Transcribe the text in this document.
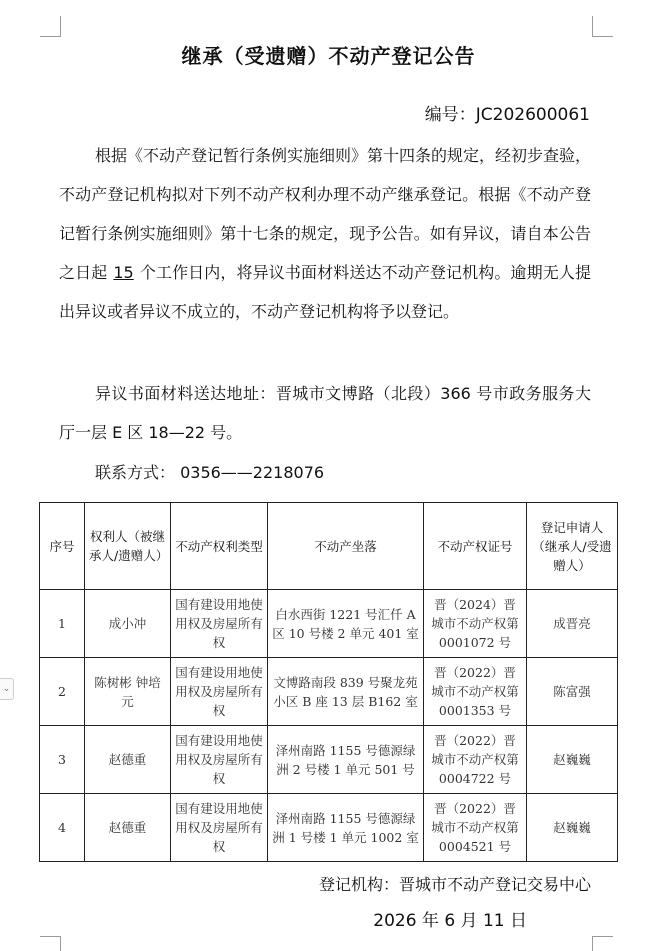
⌄
继承（受遗赠）不动产登记公告
编号：JC202600061

根据《不动产登记暂行条例实施细则》第十四条的规定，经初步查验，不动产登记机构拟对下列不动产权利办理不动产继承登记。根据《不动产登记暂行条例实施细则》第十七条的规定，现予公告。如有异议，请自本公告之日起 15 个工作日内，将异议书面材料送达不动产登记机构。逾期无人提出异议或者异议不成立的，不动产登记机构将予以登记。

异议书面材料送达地址：晋城市文博路（北段）366 号市政务服务大厅一层 E 区 18—22 号。

联系方式： 0356——2218076

序号	权利人（被继承人/遗赠人）	不动产权利类型	不动产坐落	不动产权证号	登记申请人（继承人/受遗赠人）
1	成小冲	国有建设用地使用权及房屋所有权	白水西街 1221 号汇仟 A 区 10 号楼 2 单元 401 室	晋（2024）晋城市不动产权第 0001072 号	成晋亮
2	陈树彬 钟培元	国有建设用地使用权及房屋所有权	文博路南段 839 号聚龙苑小区 B 座 13 层 B162 室	晋（2022）晋城市不动产权第 0001353 号	陈富强
3	赵德重	国有建设用地使用权及房屋所有权	泽州南路 1155 号德源绿洲 2 号楼 1 单元 501 号	晋（2022）晋城市不动产权第 0004722 号	赵巍巍
4	赵德重	国有建设用地使用权及房屋所有权	泽州南路 1155 号德源绿洲 1 号楼 1 单元 1002 室	晋（2022）晋城市不动产权第 0004521 号	赵巍巍
登记机构：晋城市不动产登记交易中心
2026 年 6 月 11 日
